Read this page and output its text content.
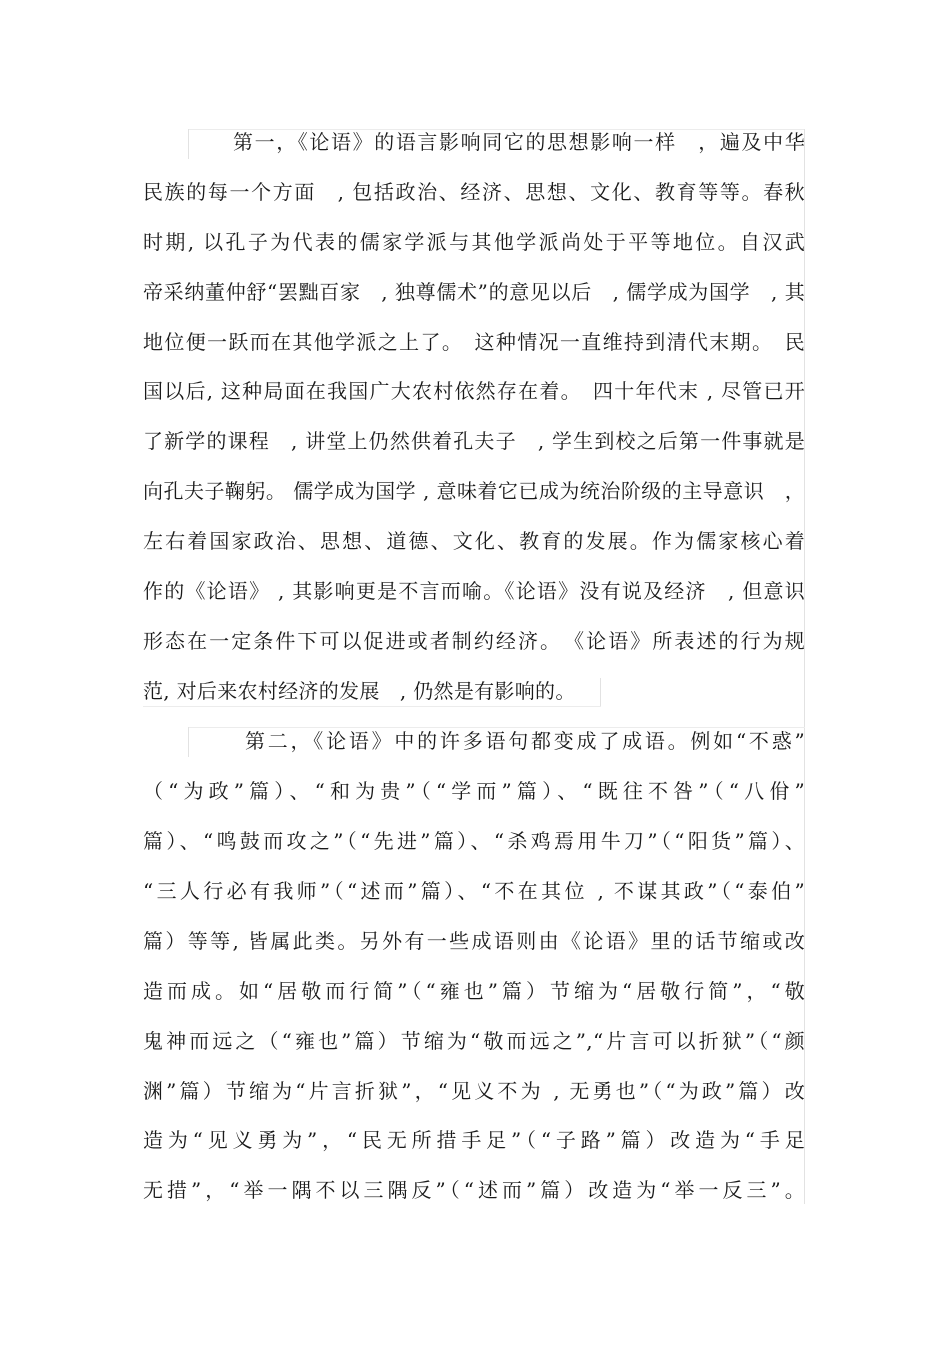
第一，《论语》的语言影响同它的思想影响一样　，遍及中华
民族的每一个方面　, 包括政治、经济、思想、文化、教育等等。春秋
时期, 以孔子为代表的儒家学派与其他学派尚处于平等地位。自汉武
帝采纳董仲舒“罢黜百家　, 独尊儒术”的意见以后　, 儒学成为国学　, 其
地位便一跃而在其他学派之上了。　这种情况一直维持到清代末期。　民
国以后, 这种局面在我国广大农村依然存在着。　四十年代末 , 尽管已开
了新学的课程　, 讲堂上仍然供着孔夫子　, 学生到校之后第一件事就是
向孔夫子鞠躬。 儒学成为国学 , 意味着它已成为统治阶级的主导意识　，
左右着国家政治、思想、道德、文化、教育的发展。作为儒家核心着
作的《论语》 , 其影响更是不言而喻。《论语》没有说及经济　, 但意识
形态在一定条件下可以促进或者制约经济。　《论语》所表述的行为规
范, 对后来农村经济的发展　, 仍然是有影响的。
第二，《论语》中的许多语句都变成了成语。例如“不惑”
（“为政”篇）、“和为贵”（“学而”篇）、“既往不咎”（“八佾”
篇）、“鸣鼓而攻之”（“先进”篇）、“杀鸡焉用牛刀”（“阳货”篇）、
“三人行必有我师”（“述而”篇）、“不在其位 , 不谋其政”（“泰伯”
篇）等等, 皆属此类。另外有一些成语则由《论语》里的话节缩或改
造而成。如“居敬而行简”（“雍也”篇）节缩为“居敬行简”，“敬
鬼神而远之（“雍也”篇）节缩为“敬而远之”,“片言可以折狱”（“颜
渊”篇）节缩为“片言折狱”，“见义不为 , 无勇也”（“为政”篇）改
造为“见义勇为”，“民无所措手足”（“子路”篇）改造为“手足
无措”，“举一隅不以三隅反”（“述而”篇）改造为“举一反三”。
